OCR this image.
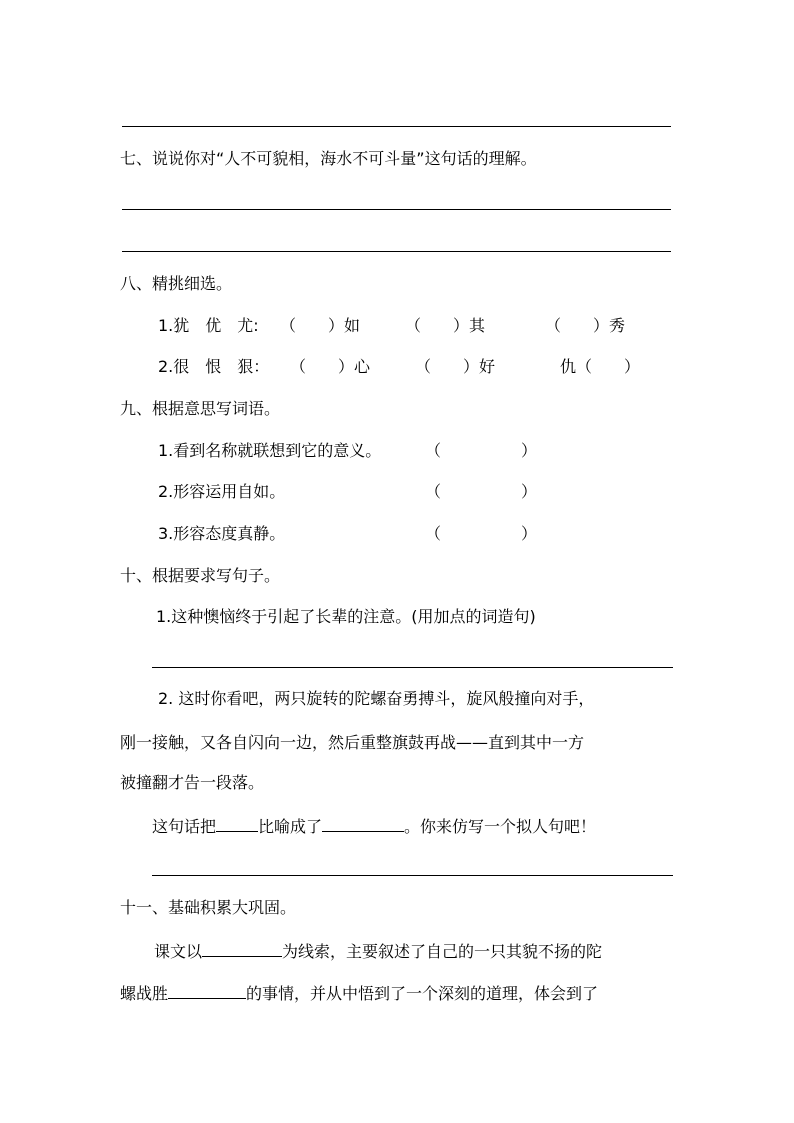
七、说说你对“人不可貌相，海水不可斗量”这句话的理解。
八、精挑细选。
1.犹　优　尤: （　　）如	（　　）其	（　　）秀
2.很　恨　狠： （　　）心	（　　）好	仇（　　）
九、根据意思写词语。
1.看到名称就联想到它的意义。	（　　　　　）
2.形容运用自如。	（　　　　　）
3.形容态度真静。	（　　　　　）
十、根据要求写句子。
1.这种懊恼终于引起了长辈的注意。(用加点的词造句)
2. 这时你看吧，两只旋转的陀螺奋勇搏斗，旋风般撞向对手，
刚一接触，又各自闪向一边，然后重整旗鼓再战——直到其中一方
被撞翻才告一段落。
这句话把	比喻成了	。你来仿写一个拟人句吧！
十一、基础积累大巩固。
课文以	为线索，主要叙述了自己的一只其貌不扬的陀
螺战胜	的事情，并从中悟到了一个深刻的道理，体会到了
